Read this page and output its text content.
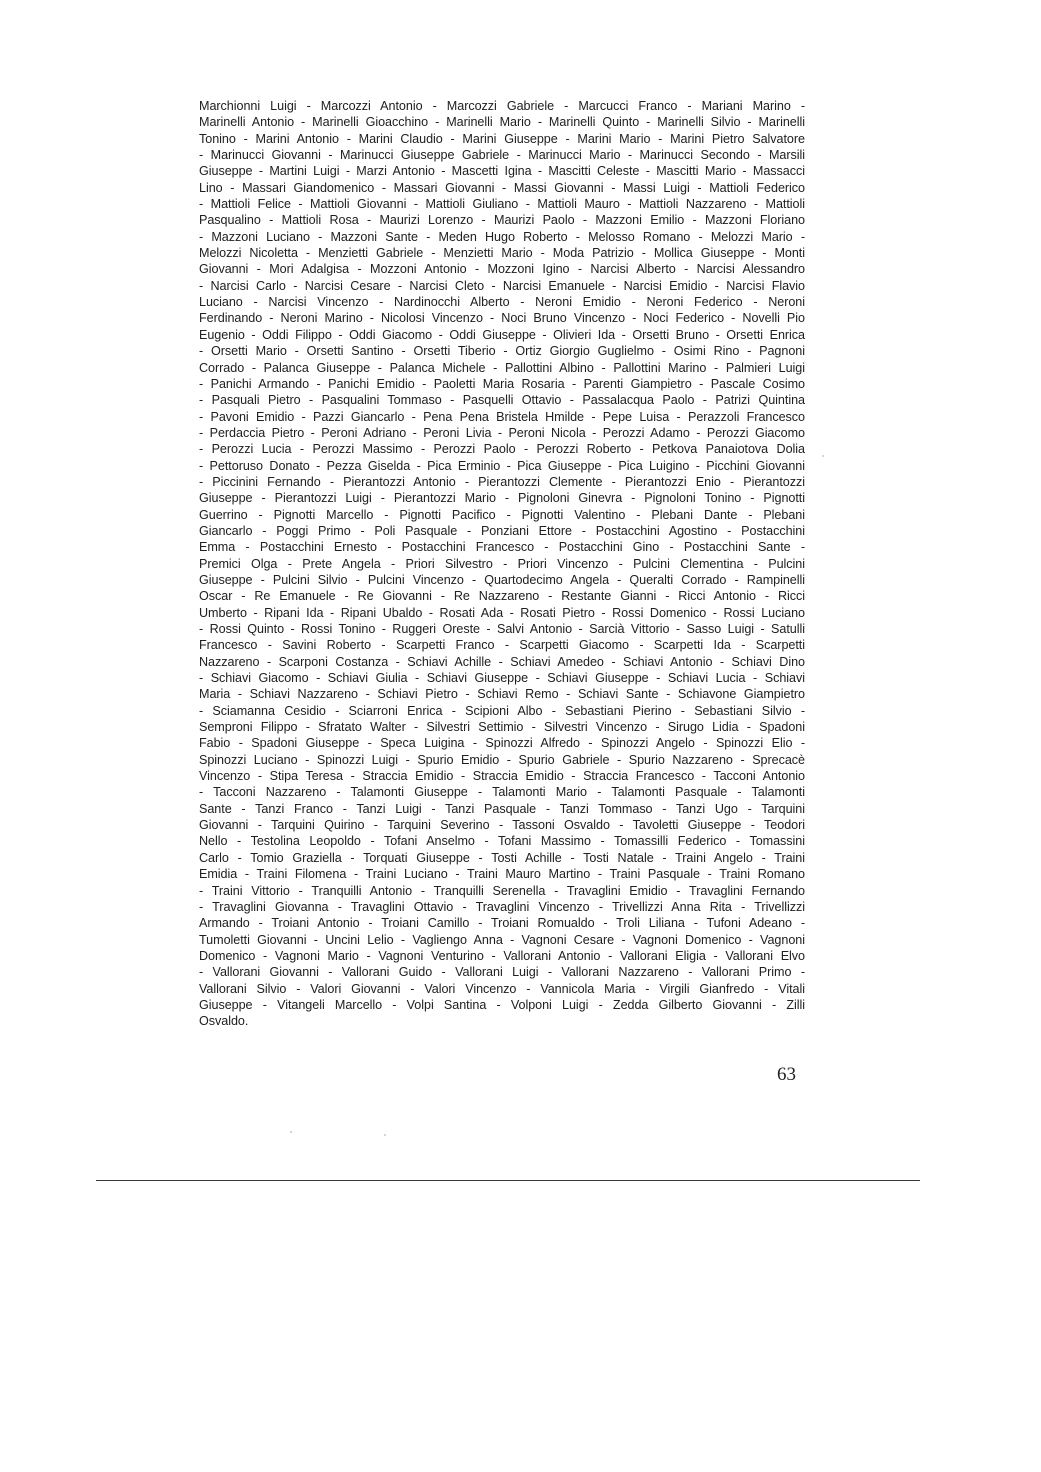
Marchionni Luigi - Marcozzi Antonio - Marcozzi Gabriele - Marcucci Franco - Mariani Marino -
Marinelli Antonio - Marinelli Gioacchino - Marinelli Mario - Marinelli Quinto - Marinelli Silvio - Marinelli
Tonino - Marini Antonio - Marini Claudio - Marini Giuseppe - Marini Mario - Marini Pietro Salvatore
- Marinucci Giovanni - Marinucci Giuseppe Gabriele - Marinucci Mario - Marinucci Secondo - Marsili
Giuseppe - Martini Luigi - Marzi Antonio - Mascetti Igina - Mascitti Celeste - Mascitti Mario - Massacci
Lino - Massari Giandomenico - Massari Giovanni - Massi Giovanni - Massi Luigi - Mattioli Federico
- Mattioli Felice - Mattioli Giovanni - Mattioli Giuliano - Mattioli Mauro - Mattioli Nazzareno - Mattioli
Pasqualino - Mattioli Rosa - Maurizi Lorenzo - Maurizi Paolo - Mazzoni Emilio - Mazzoni Floriano
- Mazzoni Luciano - Mazzoni Sante - Meden Hugo Roberto - Melosso Romano - Melozzi Mario -
Melozzi Nicoletta - Menzietti Gabriele - Menzietti Mario - Moda Patrizio - Mollica Giuseppe - Monti
Giovanni - Mori Adalgisa - Mozzoni Antonio - Mozzoni Igino - Narcisi Alberto - Narcisi Alessandro
- Narcisi Carlo - Narcisi Cesare - Narcisi Cleto - Narcisi Emanuele - Narcisi Emidio - Narcisi Flavio
Luciano - Narcisi Vincenzo - Nardinocchi Alberto - Neroni Emidio - Neroni Federico - Neroni
Ferdinando - Neroni Marino - Nicolosi Vincenzo - Noci Bruno Vincenzo - Noci Federico - Novelli Pio
Eugenio - Oddi Filippo - Oddi Giacomo - Oddi Giuseppe - Olivieri Ida - Orsetti Bruno - Orsetti Enrica
- Orsetti Mario - Orsetti Santino - Orsetti Tiberio - Ortiz Giorgio Guglielmo - Osimi Rino - Pagnoni
Corrado - Palanca Giuseppe - Palanca Michele - Pallottini Albino - Pallottini Marino - Palmieri Luigi
- Panichi Armando - Panichi Emidio - Paoletti Maria Rosaria - Parenti Giampietro - Pascale Cosimo
- Pasquali Pietro - Pasqualini Tommaso - Pasquelli Ottavio - Passalacqua Paolo - Patrizi Quintina
- Pavoni Emidio - Pazzi Giancarlo - Pena Pena Bristela Hmilde - Pepe Luisa - Perazzoli Francesco
- Perdaccia Pietro - Peroni Adriano - Peroni Livia - Peroni Nicola - Perozzi Adamo - Perozzi Giacomo
- Perozzi Lucia - Perozzi Massimo - Perozzi Paolo - Perozzi Roberto - Petkova Panaiotova Dolia
- Pettoruso Donato - Pezza Giselda - Pica Erminio - Pica Giuseppe - Pica Luigino - Picchini Giovanni
- Piccinini Fernando - Pierantozzi Antonio - Pierantozzi Clemente - Pierantozzi Enio - Pierantozzi
Giuseppe - Pierantozzi Luigi - Pierantozzi Mario - Pignoloni Ginevra - Pignoloni Tonino - Pignotti
Guerrino - Pignotti Marcello - Pignotti Pacifico - Pignotti Valentino - Plebani Dante - Plebani
Giancarlo - Poggi Primo - Poli Pasquale - Ponziani Ettore - Postacchini Agostino - Postacchini
Emma - Postacchini Ernesto - Postacchini Francesco - Postacchini Gino - Postacchini Sante -
Premici Olga - Prete Angela - Priori Silvestro - Priori Vincenzo - Pulcini Clementina - Pulcini
Giuseppe - Pulcini Silvio - Pulcini Vincenzo - Quartodecimo Angela - Queralti Corrado - Rampinelli
Oscar - Re Emanuele - Re Giovanni - Re Nazzareno - Restante Gianni - Ricci Antonio - Ricci
Umberto - Ripani Ida - Ripani Ubaldo - Rosati Ada - Rosati Pietro - Rossi Domenico - Rossi Luciano
- Rossi Quinto - Rossi Tonino - Ruggeri Oreste - Salvi Antonio - Sarcià Vittorio - Sasso Luigi - Satulli
Francesco - Savini Roberto - Scarpetti Franco - Scarpetti Giacomo - Scarpetti Ida - Scarpetti
Nazzareno - Scarponi Costanza - Schiavi Achille - Schiavi Amedeo - Schiavi Antonio - Schiavi Dino
- Schiavi Giacomo - Schiavi Giulia - Schiavi Giuseppe - Schiavi Giuseppe - Schiavi Lucia - Schiavi
Maria - Schiavi Nazzareno - Schiavi Pietro - Schiavi Remo - Schiavi Sante - Schiavone Giampietro
- Sciamanna Cesidio - Sciarroni Enrica - Scipioni Albo - Sebastiani Pierino - Sebastiani Silvio -
Semproni Filippo - Sfratato Walter - Silvestri Settimio - Silvestri Vincenzo - Sirugo Lidia - Spadoni
Fabio - Spadoni Giuseppe - Speca Luigina - Spinozzi Alfredo - Spinozzi Angelo - Spinozzi Elio -
Spinozzi Luciano - Spinozzi Luigi - Spurio Emidio - Spurio Gabriele - Spurio Nazzareno - Sprecacè
Vincenzo - Stipa Teresa - Straccia Emidio - Straccia Emidio - Straccia Francesco - Tacconi Antonio
- Tacconi Nazzareno - Talamonti Giuseppe - Talamonti Mario - Talamonti Pasquale - Talamonti
Sante - Tanzi Franco - Tanzi Luigi - Tanzi Pasquale - Tanzi Tommaso - Tanzi Ugo - Tarquini
Giovanni - Tarquini Quirino - Tarquini Severino - Tassoni Osvaldo - Tavoletti Giuseppe - Teodori
Nello - Testolina Leopoldo - Tofani Anselmo - Tofani Massimo - Tomassilli Federico - Tomassini
Carlo - Tomio Graziella - Torquati Giuseppe - Tosti Achille - Tosti Natale - Traini Angelo - Traini
Emidia - Traini Filomena - Traini Luciano - Traini Mauro Martino - Traini Pasquale - Traini Romano
- Traini Vittorio - Tranquilli Antonio - Tranquilli Serenella - Travaglini Emidio - Travaglini Fernando
- Travaglini Giovanna - Travaglini Ottavio - Travaglini Vincenzo - Trivellizzi Anna Rita - Trivellizzi
Armando - Troiani Antonio - Troiani Camillo - Troiani Romualdo - Troli Liliana - Tufoni Adeano -
Tumoletti Giovanni - Uncini Lelio - Vagliengo Anna - Vagnoni Cesare - Vagnoni Domenico - Vagnoni
Domenico - Vagnoni Mario - Vagnoni Venturino - Vallorani Antonio - Vallorani Eligia - Vallorani Elvo
- Vallorani Giovanni - Vallorani Guido - Vallorani Luigi - Vallorani Nazzareno - Vallorani Primo -
Vallorani Silvio - Valori Giovanni - Valori Vincenzo - Vannicola Maria - Virgili Gianfredo - Vitali
Giuseppe - Vitangeli Marcello - Volpi Santina - Volponi Luigi - Zedda Gilberto Giovanni - Zilli
Osvaldo.
63
